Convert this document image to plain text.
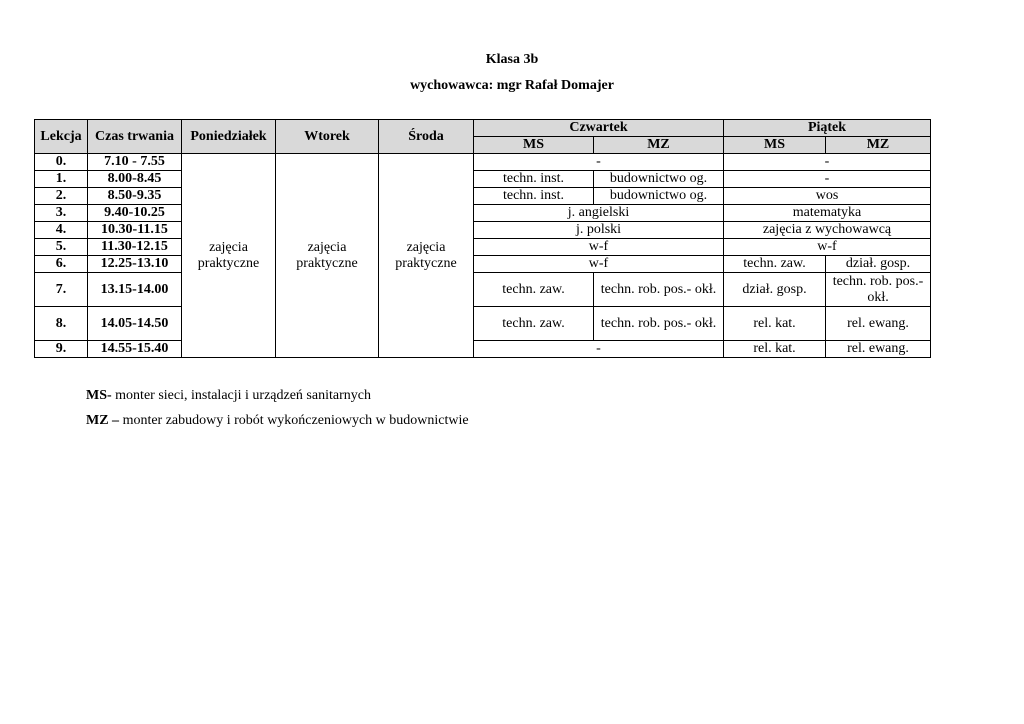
Klasa 3b
wychowawca: mgr Rafał Domajer
Lekcja	Czas trwania	Poniedziałek	Wtorek	Środa	Czwartek		Piątek	
					MS	MZ	MS	MZ
0.	7.10 - 7.55	zajęcia praktyczne	zajęcia praktyczne	zajęcia praktyczne	-		-	
1.	8.00-8.45				techn. inst.	budownictwo og.	-	
2.	8.50-9.35				techn. inst.	budownictwo og.	wos	
3.	9.40-10.25				j. angielski		matematyka	
4.	10.30-11.15				j. polski		zajęcia z wychowawcą	
5.	11.30-12.15				w-f		w-f	
6.	12.25-13.10				w-f		techn. zaw.	dział. gosp.
7.	13.15-14.00				techn. zaw.	techn. rob. pos.- okł.	dział. gosp.	techn. rob. pos.- okł.
8.	14.05-14.50				techn. zaw.	techn. rob. pos.- okł.	rel. kat.	rel. ewang.
9.	14.55-15.40				-		rel. kat.	rel. ewang.
MS- monter sieci, instalacji i urządzeń sanitarnych
MZ – monter zabudowy i robót wykończeniowych w budownictwie
